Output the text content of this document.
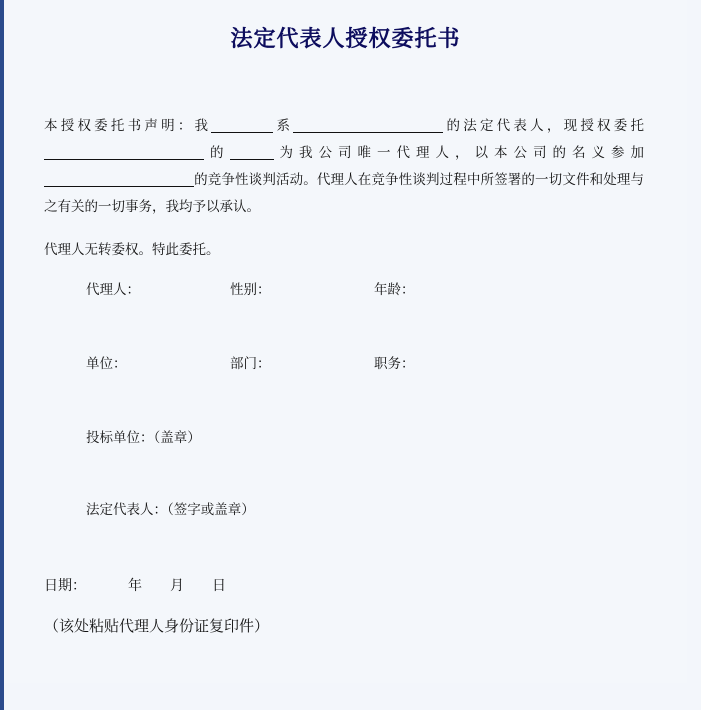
法定代表人授权委托书

本授权委托书声明：我	系	的法定代表人，现授权委托的	为我公司唯一代理人，以本公司的名义参加的竞争性谈判活动。代理人在竞争性谈判过程中所签署的一切文件和处理与之有关的一切事务，我均予以承认。

代理人无转委权。特此委托。

代理人：	性别：	年龄：
单位：	部门：	职务：
投标单位：（盖章）
法定代表人：（签字或盖章）
日期：	年 月 日
（该处粘贴代理人身份证复印件）
